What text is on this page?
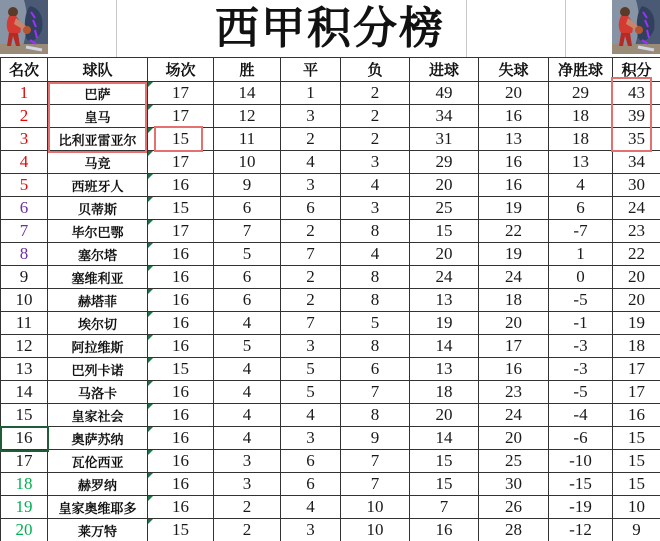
西甲积分榜
名次	球队	场次	胜	平	负	进球	失球	净胜球	积分
1	巴萨	17	14	1	2	49	20	29	43
2	皇马	17	12	3	2	34	16	18	39
3	比利亚雷亚尔	15	11	2	2	31	13	18	35
4	马竞	17	10	4	3	29	16	13	34
5	西班牙人	16	9	3	4	20	16	4	30
6	贝蒂斯	15	6	6	3	25	19	6	24
7	毕尔巴鄂	17	7	2	8	15	22	-7	23
8	塞尔塔	16	5	7	4	20	19	1	22
9	塞维利亚	16	6	2	8	24	24	0	20
10	赫塔菲	16	6	2	8	13	18	-5	20
11	埃尔切	16	4	7	5	19	20	-1	19
12	阿拉维斯	16	5	3	8	14	17	-3	18
13	巴列卡诺	15	4	5	6	13	16	-3	17
14	马洛卡	16	4	5	7	18	23	-5	17
15	皇家社会	16	4	4	8	20	24	-4	16
16	奥萨苏纳	16	4	3	9	14	20	-6	15
17	瓦伦西亚	16	3	6	7	15	25	-10	15
18	赫罗纳	16	3	6	7	15	30	-15	15
19	皇家奥维耶多	16	2	4	10	7	26	-19	10
20	莱万特	15	2	3	10	16	28	-12	9
